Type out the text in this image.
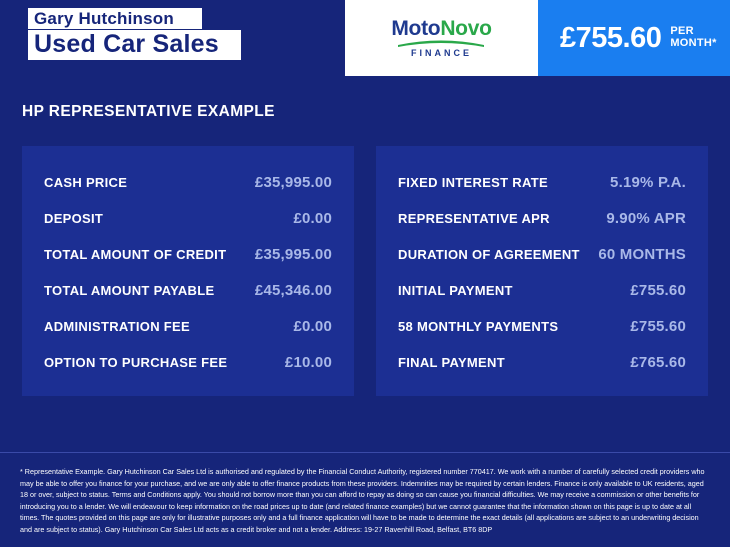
Gary Hutchinson
Used Car Sales
MotoNovo
FINANCE	£755.60 PER MONTH*
HP REPRESENTATIVE EXAMPLE
CASH PRICE	£35,995.00
DEPOSIT	£0.00
TOTAL AMOUNT OF CREDIT £35,995.00
TOTAL AMOUNT PAYABLE	£45,346.00
ADMINISTRATION FEE	£0.00
OPTION TO PURCHASE FEE	£10.00
FIXED INTEREST RATE	5.19% P.A.
REPRESENTATIVE APR	9.90% APR
DURATION OF AGREEMENT 60 MONTHS
INITIAL PAYMENT	£755.60
58 MONTHLY PAYMENTS	£755.60
FINAL PAYMENT	£765.60
* Representative Example. Gary Hutchinson Car Sales Ltd is authorised and regulated by the Financial Conduct Authority, registered number 770417. We work with a number of carefully selected credit providers who may be able to offer you finance for your purchase, and we are only able to offer finance products from these providers. Indemnities may be required by certain lenders. Finance is only available to UK residents, aged 18 or over, subject to status. Terms and Conditions apply. You should not borrow more than you can afford to repay as doing so can cause you financial difficulties. We may receive a commission or other benefits for introducing you to a lender. We will endeavour to keep information on the road prices up to date (and related finance examples) but we cannot guarantee that the information shown on this page is up to date at all times. The quotes provided on this page are only for illustrative purposes only and a full finance application will have to be made to determine the exact details (all applications are subject to an underwriting decision and are subject to status). Gary Hutchinson Car Sales Ltd acts as a credit broker and not a lender. Address: 19-27 Ravenhill Road, Belfast, BT6 8DP
